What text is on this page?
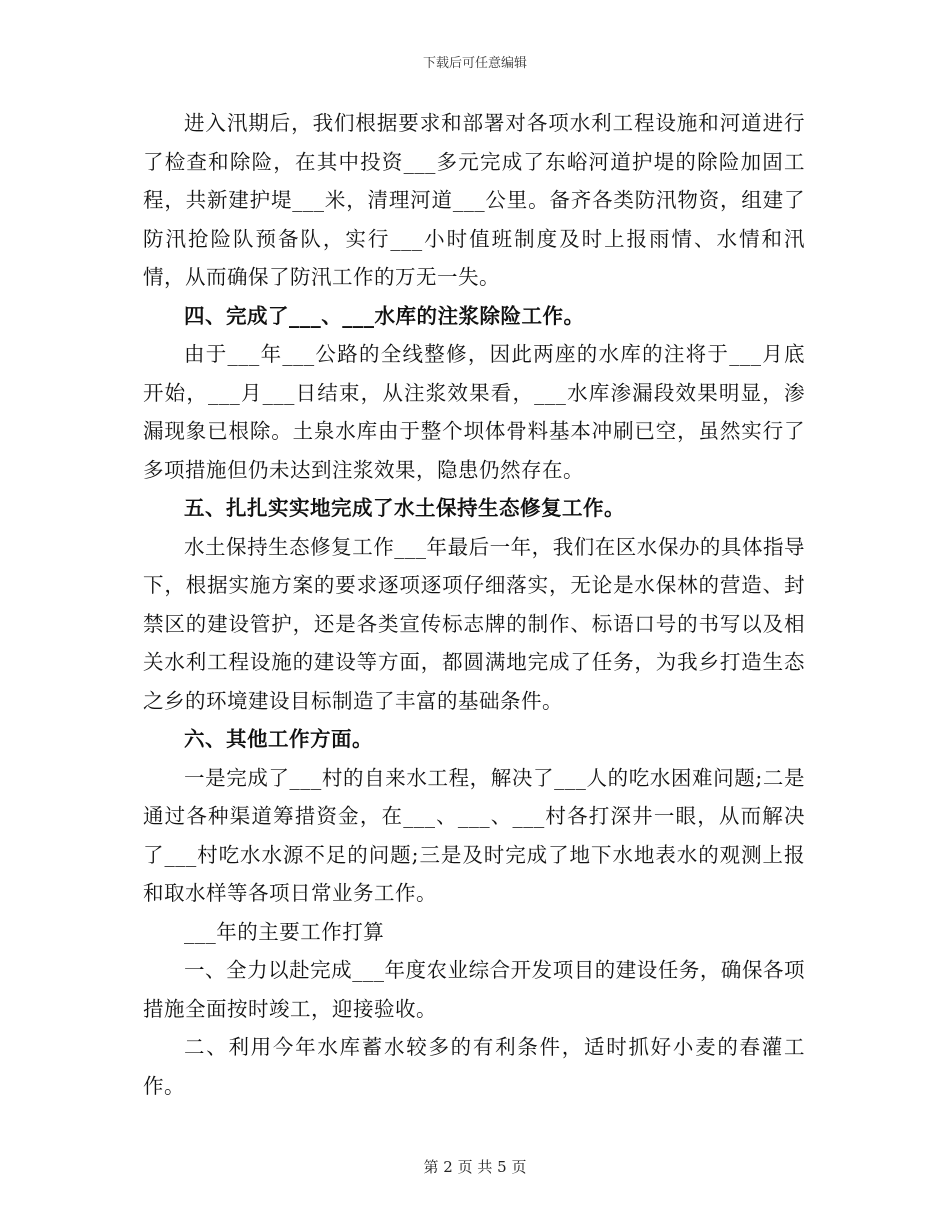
下载后可任意编辑

进入汛期后，我们根据要求和部署对各项水利工程设施和河道进行了检查和除险，在其中投资___多元完成了东峪河道护堤的除险加固工程，共新建护堤___米，清理河道___公里。备齐各类防汛物资，组建了防汛抢险队预备队，实行___小时值班制度及时上报雨情、水情和汛情，从而确保了防汛工作的万无一失。

四、完成了___、___水库的注浆除险工作。

由于___年___公路的全线整修，因此两座的水库的注将于___月底开始，___月___日结束，从注浆效果看，___水库渗漏段效果明显，渗漏现象已根除。土泉水库由于整个坝体骨料基本冲刷已空，虽然实行了多项措施但仍未达到注浆效果，隐患仍然存在。

五、扎扎实实地完成了水土保持生态修复工作。

水土保持生态修复工作___年最后一年，我们在区水保办的具体指导下，根据实施方案的要求逐项逐项仔细落实，无论是水保林的营造、封禁区的建设管护，还是各类宣传标志牌的制作、标语口号的书写以及相关水利工程设施的建设等方面，都圆满地完成了任务，为我乡打造生态之乡的环境建设目标制造了丰富的基础条件。

六、其他工作方面。

一是完成了___村的自来水工程，解决了___人的吃水困难问题;二是通过各种渠道筹措资金，在___、___、___村各打深井一眼，从而解决了___村吃水水源不足的问题;三是及时完成了地下水地表水的观测上报和取水样等各项日常业务工作。

___年的主要工作打算

一、全力以赴完成___年度农业综合开发项目的建设任务，确保各项措施全面按时竣工，迎接验收。

二、利用今年水库蓄水较多的有利条件，适时抓好小麦的春灌工作。

第 2 页 共 5 页
